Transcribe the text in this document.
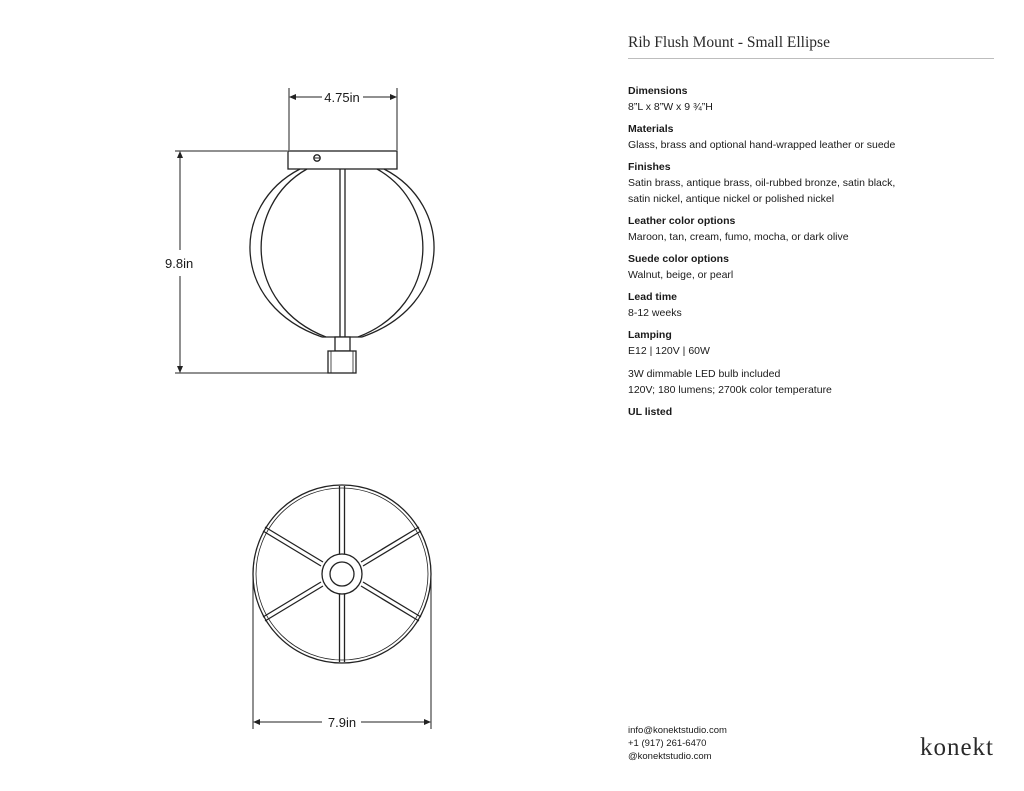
4.75in
9.8in
7.9in
Rib Flush Mount - Small Ellipse
Dimensions
8”L x 8”W x 9 ¾”H
Materials
Glass, brass and optional hand-wrapped leather or suede
Finishes
Satin brass, antique brass, oil-rubbed bronze, satin black,
satin nickel, antique nickel or polished nickel
Leather color options
Maroon, tan, cream, fumo, mocha, or dark olive
Suede color options
Walnut, beige, or pearl
Lead time
8-12 weeks
Lamping
E12 | 120V | 60W
3W dimmable LED bulb included
120V; 180 lumens; 2700k color temperature
UL listed
info@konektstudio.com
+1 (917) 261-6470
@konektstudio.com	konekt
